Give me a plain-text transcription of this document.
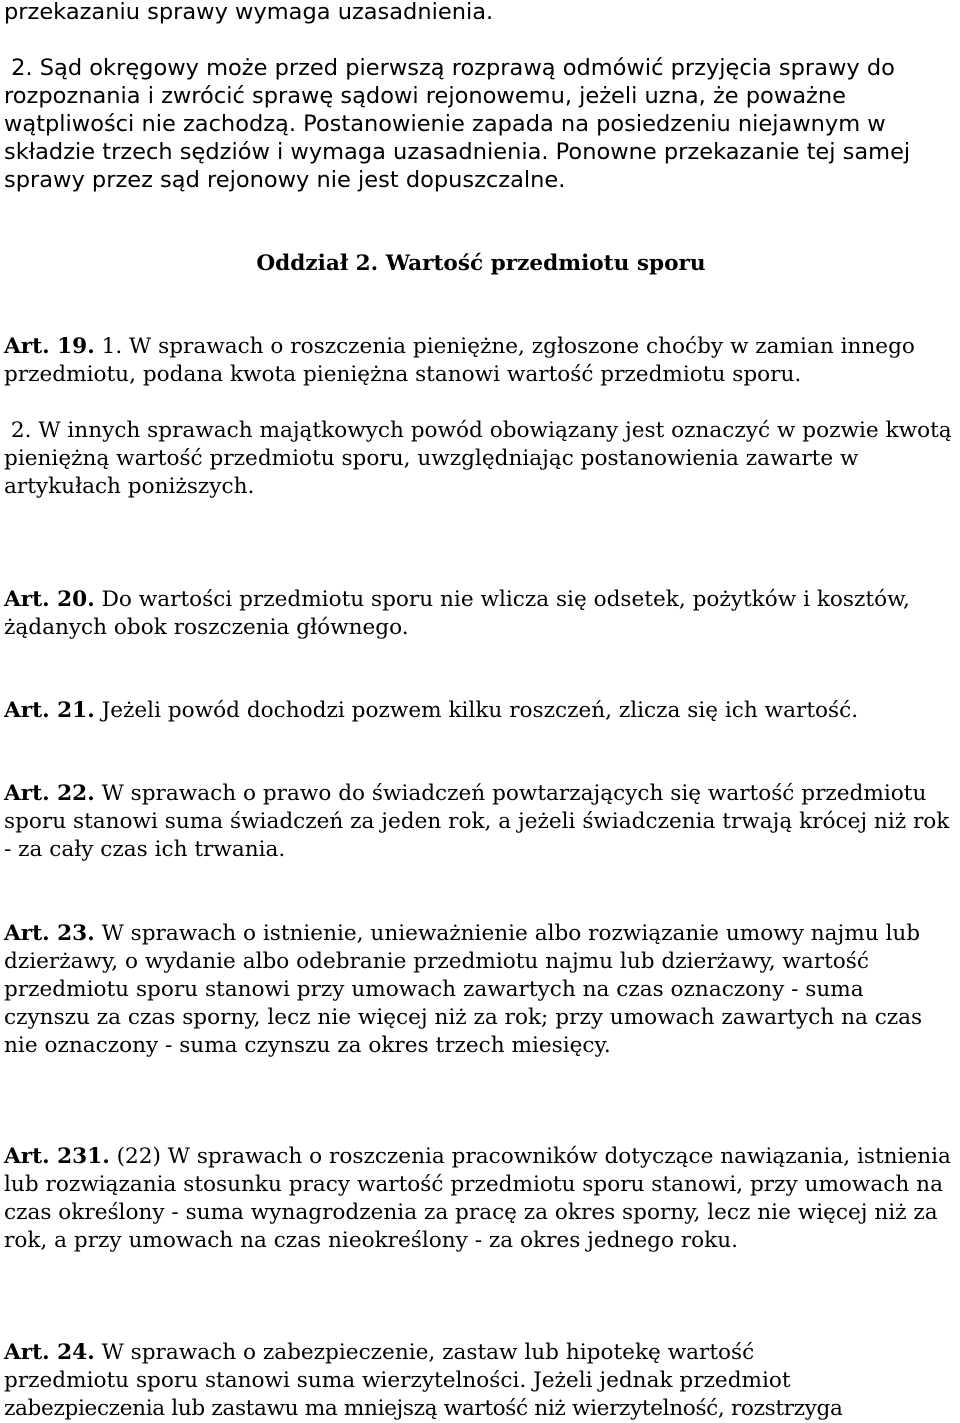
przekazaniu sprawy wymaga uzasadnienia.

2. Sąd okręgowy może przed pierwszą rozprawą odmówić przyjęcia sprawy do rozpoznania i zwrócić sprawę sądowi rejonowemu, jeżeli uzna, że poważne wątpliwości nie zachodzą. Postanowienie zapada na posiedzeniu niejawnym w składzie trzech sędziów i wymaga uzasadnienia. Ponowne przekazanie tej samej sprawy przez sąd rejonowy nie jest dopuszczalne.

Oddział 2. Wartość przedmiotu sporu

Art. 19. 1. W sprawach o roszczenia pieniężne, zgłoszone choćby w zamian innego przedmiotu, podana kwota pieniężna stanowi wartość przedmiotu sporu.

2. W innych sprawach majątkowych powód obowiązany jest oznaczyć w pozwie kwotą pieniężną wartość przedmiotu sporu, uwzględniając postanowienia zawarte w artykułach poniższych.

Art. 20. Do wartości przedmiotu sporu nie wlicza się odsetek, pożytków i kosztów, żądanych obok roszczenia głównego.

Art. 21. Jeżeli powód dochodzi pozwem kilku roszczeń, zlicza się ich wartość.

Art. 22. W sprawach o prawo do świadczeń powtarzających się wartość przedmiotu sporu stanowi suma świadczeń za jeden rok, a jeżeli świadczenia trwają krócej niż rok - za cały czas ich trwania.

Art. 23. W sprawach o istnienie, unieważnienie albo rozwiązanie umowy najmu lub dzierżawy, o wydanie albo odebranie przedmiotu najmu lub dzierżawy, wartość przedmiotu sporu stanowi przy umowach zawartych na czas oznaczony - suma czynszu za czas sporny, lecz nie więcej niż za rok; przy umowach zawartych na czas nie oznaczony - suma czynszu za okres trzech miesięcy.

Art. 231. (22) W sprawach o roszczenia pracowników dotyczące nawiązania, istnienia lub rozwiązania stosunku pracy wartość przedmiotu sporu stanowi, przy umowach na czas określony - suma wynagrodzenia za pracę za okres sporny, lecz nie więcej niż za rok, a przy umowach na czas nieokreślony - za okres jednego roku.

Art. 24. W sprawach o zabezpieczenie, zastaw lub hipotekę wartość

przedmiotu sporu stanowi suma wierzytelności. Jeżeli jednak przedmiot

zabezpieczenia lub zastawu ma mniejszą wartość niż wierzytelność, rozstrzyga
